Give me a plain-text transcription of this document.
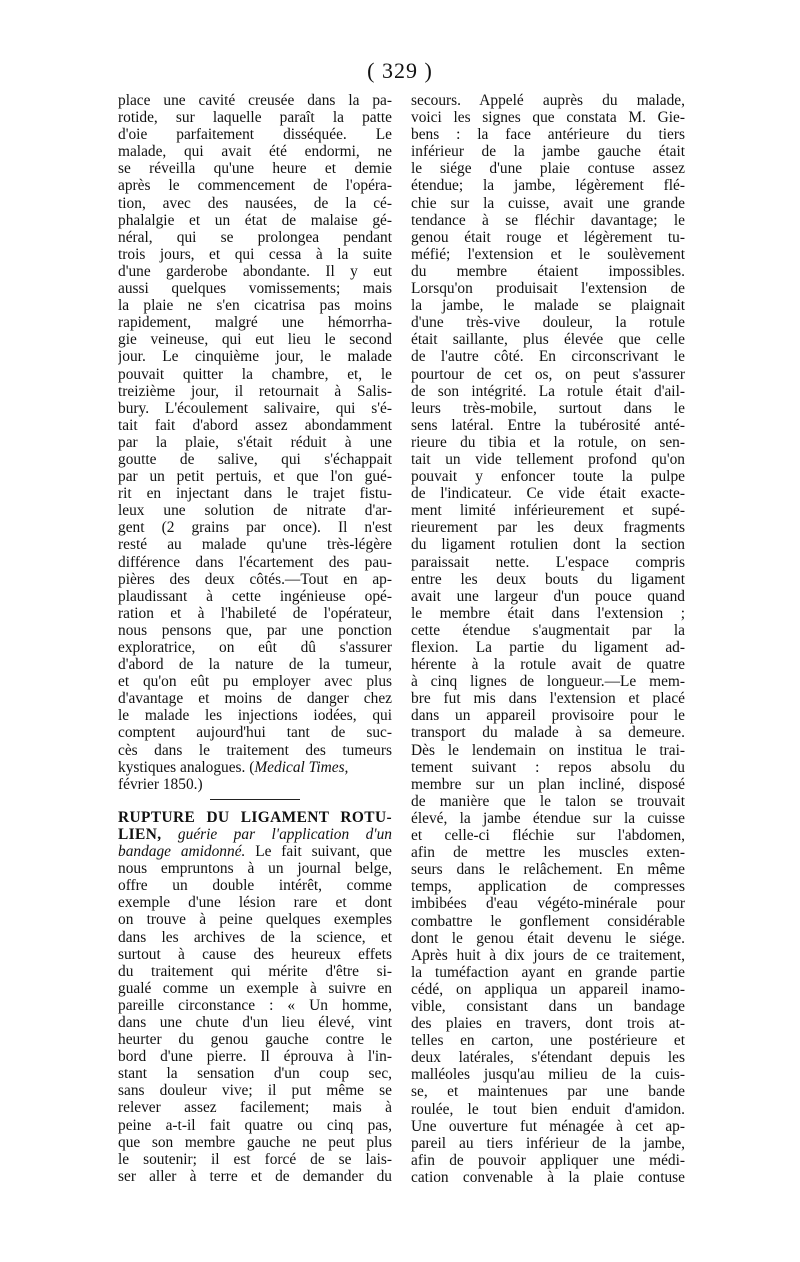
( 329 )
place une cavité creusée dans la pa-
rotide, sur laquelle paraît la patte
d'oie parfaitement disséquée. Le
malade, qui avait été endormi, ne
se réveilla qu'une heure et demie
après le commencement de l'opéra-
tion, avec des nausées, de la cé-
phalalgie et un état de malaise gé-
néral, qui se prolongea pendant
trois jours, et qui cessa à la suite
d'une garderobe abondante. Il y eut
aussi quelques vomissements; mais
la plaie ne s'en cicatrisa pas moins
rapidement, malgré une hémorrha-
gie veineuse, qui eut lieu le second
jour. Le cinquième jour, le malade
pouvait quitter la chambre, et, le
treizième jour, il retournait à Salis-
bury. L'écoulement salivaire, qui s'é-
tait fait d'abord assez abondamment
par la plaie, s'était réduit à une
goutte de salive, qui s'échappait
par un petit pertuis, et que l'on gué-
rit en injectant dans le trajet fistu-
leux une solution de nitrate d'ar-
gent (2 grains par once). Il n'est
resté au malade qu'une très-légère
différence dans l'écartement des pau-
pières des deux côtés.—Tout en ap-
plaudissant à cette ingénieuse opé-
ration et à l'habileté de l'opérateur,
nous pensons que, par une ponction
exploratrice, on eût dû s'assurer
d'abord de la nature de la tumeur,
et qu'on eût pu employer avec plus
d'avantage et moins de danger chez
le malade les injections iodées, qui
comptent aujourd'hui tant de suc-
cès dans le traitement des tumeurs
kystiques analogues. (Medical Times,
février 1850.)
RUPTURE DU LIGAMENT ROTU-
LIEN, guérie par l'application d'un
bandage amidonné. Le fait suivant, que
nous empruntons à un journal belge,
offre un double intérêt, comme
exemple d'une lésion rare et dont
on trouve à peine quelques exemples
dans les archives de la science, et
surtout à cause des heureux effets
du traitement qui mérite d'être si-
gualé comme un exemple à suivre en
pareille circonstance : « Un homme,
dans une chute d'un lieu élevé, vint
heurter du genou gauche contre le
bord d'une pierre. Il éprouva à l'in-
stant la sensation d'un coup sec,
sans douleur vive; il put même se
relever assez facilement; mais à
peine a-t-il fait quatre ou cinq pas,
que son membre gauche ne peut plus
le soutenir; il est forcé de se lais-
ser aller à terre et de demander du
secours. Appelé auprès du malade,
voici les signes que constata M. Gie-
bens : la face antérieure du tiers
inférieur de la jambe gauche était
le siége d'une plaie contuse assez
étendue; la jambe, légèrement flé-
chie sur la cuisse, avait une grande
tendance à se fléchir davantage; le
genou était rouge et légèrement tu-
méfié; l'extension et le soulèvement
du membre étaient impossibles.
Lorsqu'on produisait l'extension de
la jambe, le malade se plaignait
d'une très-vive douleur, la rotule
était saillante, plus élevée que celle
de l'autre côté. En circonscrivant le
pourtour de cet os, on peut s'assurer
de son intégrité. La rotule était d'ail-
leurs très-mobile, surtout dans le
sens latéral. Entre la tubérosité anté-
rieure du tibia et la rotule, on sen-
tait un vide tellement profond qu'on
pouvait y enfoncer toute la pulpe
de l'indicateur. Ce vide était exacte-
ment limité inférieurement et supé-
rieurement par les deux fragments
du ligament rotulien dont la section
paraissait nette. L'espace compris
entre les deux bouts du ligament
avait une largeur d'un pouce quand
le membre était dans l'extension ;
cette étendue s'augmentait par la
flexion. La partie du ligament ad-
hérente à la rotule avait de quatre
à cinq lignes de longueur.—Le mem-
bre fut mis dans l'extension et placé
dans un appareil provisoire pour le
transport du malade à sa demeure.
Dès le lendemain on institua le trai-
tement suivant : repos absolu du
membre sur un plan incliné, disposé
de manière que le talon se trouvait
élevé, la jambe étendue sur la cuisse
et celle-ci fléchie sur l'abdomen,
afin de mettre les muscles exten-
seurs dans le relâchement. En même
temps, application de compresses
imbibées d'eau végéto-minérale pour
combattre le gonflement considérable
dont le genou était devenu le siége.
Après huit à dix jours de ce traitement,
la tuméfaction ayant en grande partie
cédé, on appliqua un appareil inamo-
vible, consistant dans un bandage
des plaies en travers, dont trois at-
telles en carton, une postérieure et
deux latérales, s'étendant depuis les
malléoles jusqu'au milieu de la cuis-
se, et maintenues par une bande
roulée, le tout bien enduit d'amidon.
Une ouverture fut ménagée à cet ap-
pareil au tiers inférieur de la jambe,
afin de pouvoir appliquer une médi-
cation convenable à la plaie contuse
